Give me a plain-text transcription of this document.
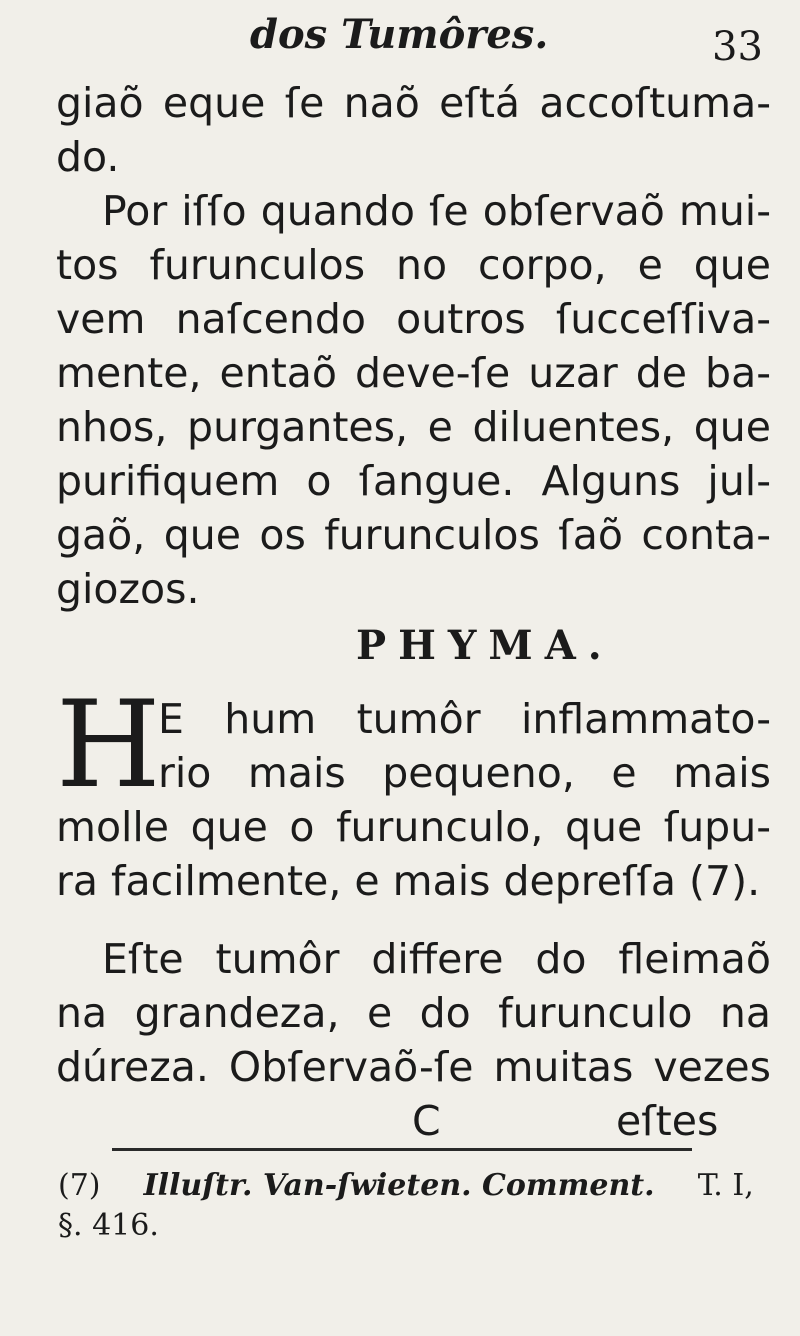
dos Tumôres.	33
giaõ eque ſe naõ eſtá accoſtuma-
do.
Por iſſo quando ſe obſervaõ mui-
tos furunculos no corpo, e que
vem naſcendo outros ſucceſſiva-
mente, entaõ deve-ſe uzar de ba-
nhos, purgantes, e diluentes, que
purifiquem o ſangue. Alguns jul-
gaõ, que os furunculos ſaõ conta-
giozos.
PHYMA.
H
E hum tumôr inflammato-
rio mais pequeno, e mais
molle que o furunculo, que ſupu-
ra facilmente, e mais depreſſa (7).
Eſte tumôr differe do fleimaõ
na grandeza, e do furunculo na
dúreza. Obſervaõ-ſe muitas vezes
C	eſtes
(7) Illuſtr. Van-ſwieten. Comment. T. I,
§. 416.
